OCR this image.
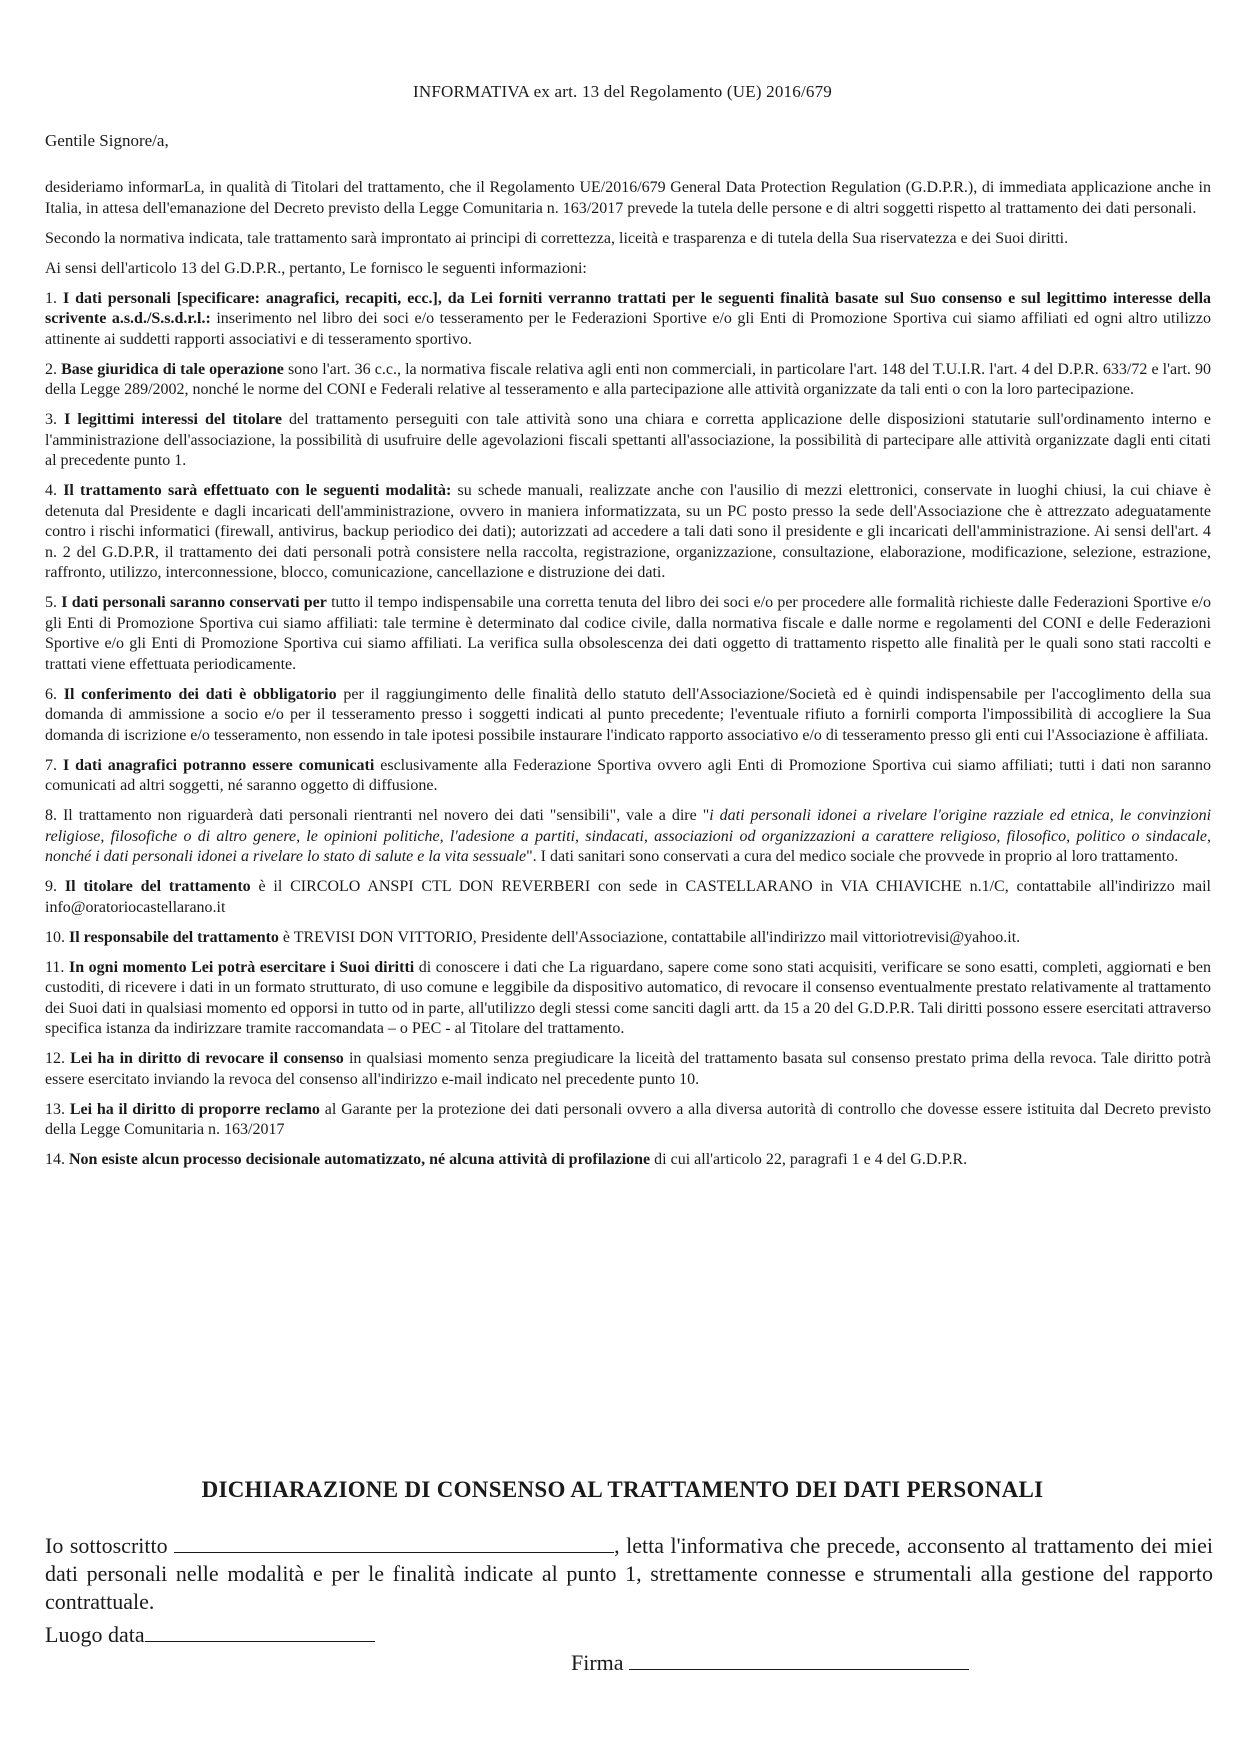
INFORMATIVA ex art. 13 del Regolamento (UE) 2016/679
Gentile Signore/a,

desideriamo informarLa, in qualità di Titolari del trattamento, che il Regolamento UE/2016/679 General Data Protection Regulation (G.D.P.R.), di immediata applicazione anche in Italia, in attesa dell'emanazione del Decreto previsto della Legge Comunitaria n. 163/2017 prevede la tutela delle persone e di altri soggetti rispetto al trattamento dei dati personali.

Secondo la normativa indicata, tale trattamento sarà improntato ai principi di correttezza, liceità e trasparenza e di tutela della Sua riservatezza e dei Suoi diritti.

Ai sensi dell'articolo 13 del G.D.P.R., pertanto, Le fornisco le seguenti informazioni:

1. I dati personali [specificare: anagrafici, recapiti, ecc.], da Lei forniti verranno trattati per le seguenti finalità basate sul Suo consenso e sul legittimo interesse della scrivente a.s.d./S.s.d.r.l.: inserimento nel libro dei soci e/o tesseramento per le Federazioni Sportive e/o gli Enti di Promozione Sportiva cui siamo affiliati ed ogni altro utilizzo attinente ai suddetti rapporti associativi e di tesseramento sportivo.

2. Base giuridica di tale operazione sono l'art. 36 c.c., la normativa fiscale relativa agli enti non commerciali, in particolare l'art. 148 del T.U.I.R. l'art. 4 del D.P.R. 633/72 e l'art. 90 della Legge 289/2002, nonché le norme del CONI e Federali relative al tesseramento e alla partecipazione alle attività organizzate da tali enti o con la loro partecipazione.

3. I legittimi interessi del titolare del trattamento perseguiti con tale attività sono una chiara e corretta applicazione delle disposizioni statutarie sull'ordinamento interno e l'amministrazione dell'associazione, la possibilità di usufruire delle agevolazioni fiscali spettanti all'associazione, la possibilità di partecipare alle attività organizzate dagli enti citati al precedente punto 1.

4. Il trattamento sarà effettuato con le seguenti modalità: su schede manuali, realizzate anche con l'ausilio di mezzi elettronici, conservate in luoghi chiusi, la cui chiave è detenuta dal Presidente e dagli incaricati dell'amministrazione, ovvero in maniera informatizzata, su un PC posto presso la sede dell'Associazione che è attrezzato adeguatamente contro i rischi informatici (firewall, antivirus, backup periodico dei dati); autorizzati ad accedere a tali dati sono il presidente e gli incaricati dell'amministrazione. Ai sensi dell'art. 4 n. 2 del G.D.P.R, il trattamento dei dati personali potrà consistere nella raccolta, registrazione, organizzazione, consultazione, elaborazione, modificazione, selezione, estrazione, raffronto, utilizzo, interconnessione, blocco, comunicazione, cancellazione e distruzione dei dati.

5. I dati personali saranno conservati per tutto il tempo indispensabile una corretta tenuta del libro dei soci e/o per procedere alle formalità richieste dalle Federazioni Sportive e/o gli Enti di Promozione Sportiva cui siamo affiliati: tale termine è determinato dal codice civile, dalla normativa fiscale e dalle norme e regolamenti del CONI e delle Federazioni Sportive e/o gli Enti di Promozione Sportiva cui siamo affiliati. La verifica sulla obsolescenza dei dati oggetto di trattamento rispetto alle finalità per le quali sono stati raccolti e trattati viene effettuata periodicamente.

6. Il conferimento dei dati è obbligatorio per il raggiungimento delle finalità dello statuto dell'Associazione/Società ed è quindi indispensabile per l'accoglimento della sua domanda di ammissione a socio e/o per il tesseramento presso i soggetti indicati al punto precedente; l'eventuale rifiuto a fornirli comporta l'impossibilità di accogliere la Sua domanda di iscrizione e/o tesseramento, non essendo in tale ipotesi possibile instaurare l'indicato rapporto associativo e/o di tesseramento presso gli enti cui l'Associazione è affiliata.

7. I dati anagrafici potranno essere comunicati esclusivamente alla Federazione Sportiva ovvero agli Enti di Promozione Sportiva cui siamo affiliati; tutti i dati non saranno comunicati ad altri soggetti, né saranno oggetto di diffusione.

8. Il trattamento non riguarderà dati personali rientranti nel novero dei dati "sensibili", vale a dire "i dati personali idonei a rivelare l'origine razziale ed etnica, le convinzioni religiose, filosofiche o di altro genere, le opinioni politiche, l'adesione a partiti, sindacati, associazioni od organizzazioni a carattere religioso, filosofico, politico o sindacale, nonché i dati personali idonei a rivelare lo stato di salute e la vita sessuale". I dati sanitari sono conservati a cura del medico sociale che provvede in proprio al loro trattamento.

9. Il titolare del trattamento è il CIRCOLO ANSPI CTL DON REVERBERI con sede in CASTELLARANO in VIA CHIAVICHE n.1/C, contattabile all'indirizzo mail info@oratoriocastellarano.it

10. Il responsabile del trattamento è TREVISI DON VITTORIO, Presidente dell'Associazione, contattabile all'indirizzo mail vittoriotrevisi@yahoo.it.

11. In ogni momento Lei potrà esercitare i Suoi diritti di conoscere i dati che La riguardano, sapere come sono stati acquisiti, verificare se sono esatti, completi, aggiornati e ben custoditi, di ricevere i dati in un formato strutturato, di uso comune e leggibile da dispositivo automatico, di revocare il consenso eventualmente prestato relativamente al trattamento dei Suoi dati in qualsiasi momento ed opporsi in tutto od in parte, all'utilizzo degli stessi come sanciti dagli artt. da 15 a 20 del G.D.P.R. Tali diritti possono essere esercitati attraverso specifica istanza da indirizzare tramite raccomandata – o PEC - al Titolare del trattamento.

12. Lei ha in diritto di revocare il consenso in qualsiasi momento senza pregiudicare la liceità del trattamento basata sul consenso prestato prima della revoca. Tale diritto potrà essere esercitato inviando la revoca del consenso all'indirizzo e-mail indicato nel precedente punto 10.

13. Lei ha il diritto di proporre reclamo al Garante per la protezione dei dati personali ovvero a alla diversa autorità di controllo che dovesse essere istituita dal Decreto previsto della Legge Comunitaria n. 163/2017

14. Non esiste alcun processo decisionale automatizzato, né alcuna attività di profilazione di cui all'articolo 22, paragrafi 1 e 4 del G.D.P.R.

DICHIARAZIONE DI CONSENSO AL TRATTAMENTO DEI DATI PERSONALI

Io sottoscritto	, letta l'informativa che precede, acconsento al trattamento dei miei dati personali nelle modalità e per le finalità indicate al punto 1, strettamente connesse e strumentali alla gestione del rapporto contrattuale.

Luogo data
Firma
